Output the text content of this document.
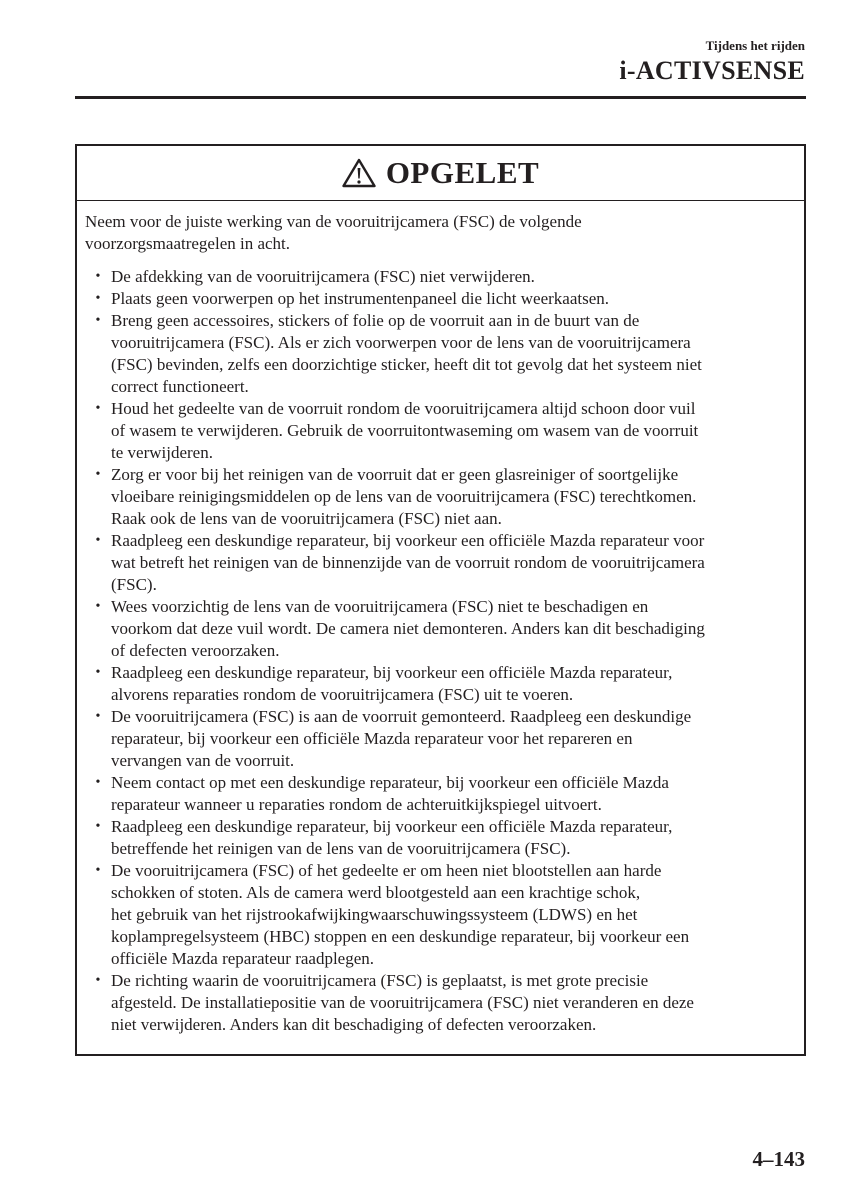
Tijdens het rijden
i-ACTIVSENSE
OPGELET

Neem voor de juiste werking van de vooruitrijcamera (FSC) de volgende
voorzorgsmaatregelen in acht.

• De afdekking van de vooruitrijcamera (FSC) niet verwijderen.
• Plaats geen voorwerpen op het instrumentenpaneel die licht weerkaatsen.
• Breng geen accessoires, stickers of folie op de voorruit aan in de buurt van de
vooruitrijcamera (FSC). Als er zich voorwerpen voor de lens van de vooruitrijcamera
(FSC) bevinden, zelfs een doorzichtige sticker, heeft dit tot gevolg dat het systeem niet
correct functioneert.
• Houd het gedeelte van de voorruit rondom de vooruitrijcamera altijd schoon door vuil
of wasem te verwijderen. Gebruik de voorruitontwaseming om wasem van de voorruit
te verwijderen.
• Zorg er voor bij het reinigen van de voorruit dat er geen glasreiniger of soortgelijke
vloeibare reinigingsmiddelen op de lens van de vooruitrijcamera (FSC) terechtkomen.
Raak ook de lens van de vooruitrijcamera (FSC) niet aan.
• Raadpleeg een deskundige reparateur, bij voorkeur een officiële Mazda reparateur voor
wat betreft het reinigen van de binnenzijde van de voorruit rondom de vooruitrijcamera
(FSC).
• Wees voorzichtig de lens van de vooruitrijcamera (FSC) niet te beschadigen en
voorkom dat deze vuil wordt. De camera niet demonteren. Anders kan dit beschadiging
of defecten veroorzaken.
• Raadpleeg een deskundige reparateur, bij voorkeur een officiële Mazda reparateur,
alvorens reparaties rondom de vooruitrijcamera (FSC) uit te voeren.
• De vooruitrijcamera (FSC) is aan de voorruit gemonteerd. Raadpleeg een deskundige
reparateur, bij voorkeur een officiële Mazda reparateur voor het repareren en
vervangen van de voorruit.
• Neem contact op met een deskundige reparateur, bij voorkeur een officiële Mazda
reparateur wanneer u reparaties rondom de achteruitkijkspiegel uitvoert.
• Raadpleeg een deskundige reparateur, bij voorkeur een officiële Mazda reparateur,
betreffende het reinigen van de lens van de vooruitrijcamera (FSC).
• De vooruitrijcamera (FSC) of het gedeelte er om heen niet blootstellen aan harde
schokken of stoten. Als de camera werd blootgesteld aan een krachtige schok,
het gebruik van het rijstrookafwijkingwaarschuwingssysteem (LDWS) en het
koplampregelsysteem (HBC) stoppen en een deskundige reparateur, bij voorkeur een
officiële Mazda reparateur raadplegen.
• De richting waarin de vooruitrijcamera (FSC) is geplaatst, is met grote precisie
afgesteld. De installatiepositie van de vooruitrijcamera (FSC) niet veranderen en deze
niet verwijderen. Anders kan dit beschadiging of defecten veroorzaken.
4–143
